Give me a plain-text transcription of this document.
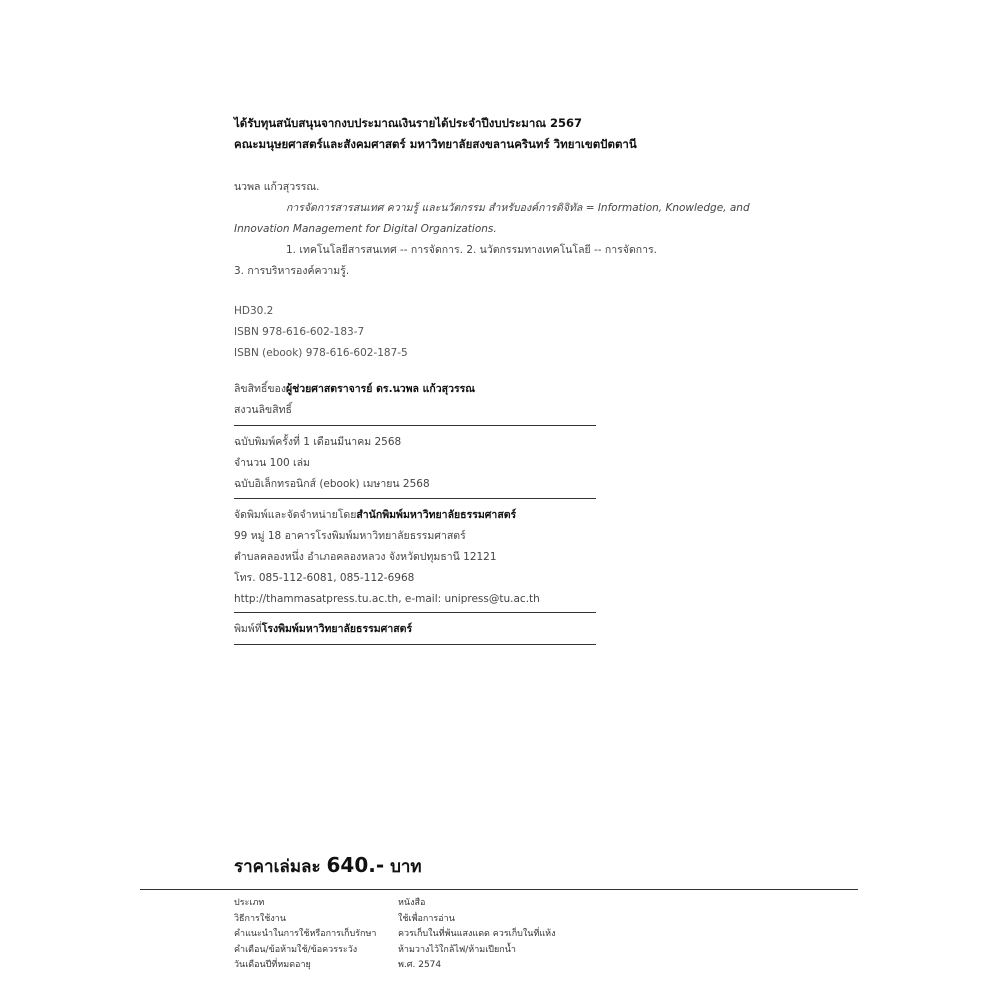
ได้รับทุนสนับสนุนจากงบประมาณเงินรายได้ประจำปีงบประมาณ 2567
คณะมนุษยศาสตร์และสังคมศาสตร์ มหาวิทยาลัยสงขลานครินทร์ วิทยาเขตปัตตานี
นวพล แก้วสุวรรณ.
การจัดการสารสนเทศ ความรู้ และนวัตกรรม สำหรับองค์การดิจิทัล = Information, Knowledge, and
Innovation Management for Digital Organizations.
1. เทคโนโลยีสารสนเทศ -- การจัดการ. 2. นวัตกรรมทางเทคโนโลยี -- การจัดการ.
3. การบริหารองค์ความรู้.
HD30.2
ISBN 978-616-602-183-7
ISBN (ebook) 978-616-602-187-5
ลิขสิทธิ์ของผู้ช่วยศาสตราจารย์ ดร.นวพล แก้วสุวรรณ
สงวนลิขสิทธิ์
ฉบับพิมพ์ครั้งที่ 1 เดือนมีนาคม 2568
จำนวน 100 เล่ม
ฉบับอิเล็กทรอนิกส์ (ebook) เมษายน 2568
จัดพิมพ์และจัดจำหน่ายโดยสำนักพิมพ์มหาวิทยาลัยธรรมศาสตร์
99 หมู่ 18 อาคารโรงพิมพ์มหาวิทยาลัยธรรมศาสตร์
ตำบลคลองหนึ่ง อำเภอคลองหลวง จังหวัดปทุมธานี 12121
โทร. 085-112-6081, 085-112-6968
http://thammasatpress.tu.ac.th, e-mail: unipress@tu.ac.th
พิมพ์ที่โรงพิมพ์มหาวิทยาลัยธรรมศาสตร์
ราคาเล่มละ 640.- บาท
ประเภท	หนังสือ
วิธีการใช้งาน	ใช้เพื่อการอ่าน
คำแนะนำในการใช้หรือการเก็บรักษา	ควรเก็บในที่พ้นแสงแดด ควรเก็บในที่แห้ง
คำเตือน/ข้อห้ามใช้/ข้อควรระวัง	ห้ามวางไว้ใกล้ไฟ/ห้ามเปียกน้ำ
วันเดือนปีที่หมดอายุ	พ.ศ. 2574
